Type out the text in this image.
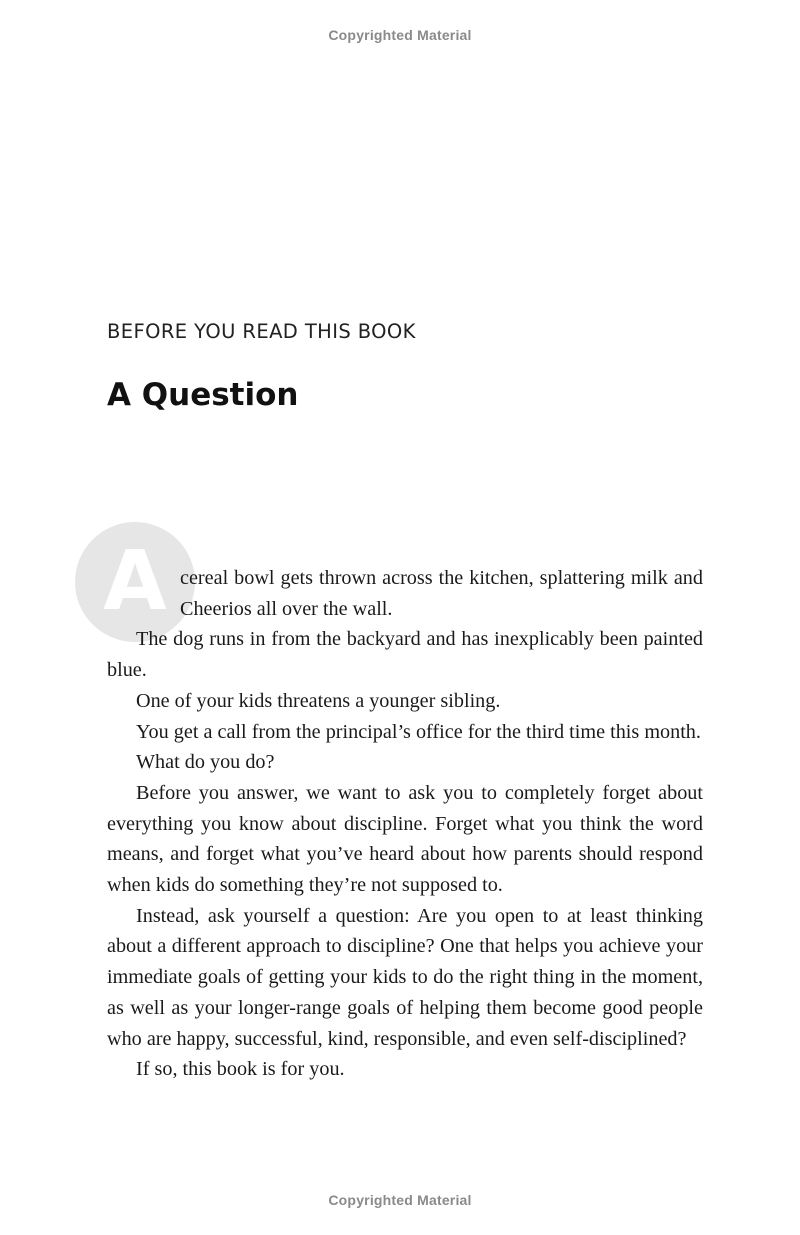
Copyrighted Material
BEFORE YOU READ THIS BOOK
A Question
A cereal bowl gets thrown across the kitchen, splattering milk and Cheerios all over the wall.

The dog runs in from the backyard and has inexplicably been painted blue.

One of your kids threatens a younger sibling.

You get a call from the principal’s office for the third time this month.

What do you do?

Before you answer, we want to ask you to completely forget about everything you know about discipline. Forget what you think the word means, and forget what you’ve heard about how parents should respond when kids do something they’re not supposed to.

Instead, ask yourself a question: Are you open to at least thinking about a different approach to discipline? One that helps you achieve your immediate goals of getting your kids to do the right thing in the moment, as well as your longer-range goals of helping them become good people who are happy, successful, kind, responsible, and even self-disciplined?

If so, this book is for you.

Copyrighted Material
